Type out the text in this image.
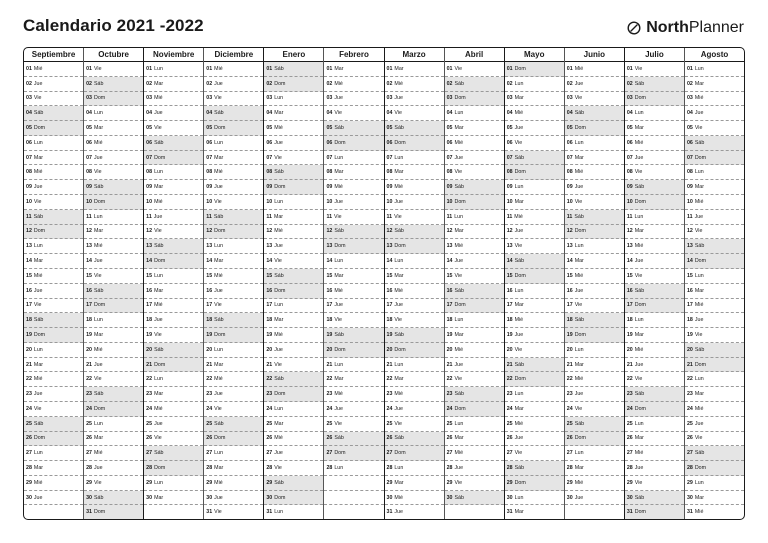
Calendario 2021 -2022	North Planner
Septiembre
01 Mié
02 Jue
03 Vie
04 Sáb
05 Dom
06 Lun
07 Mar
08 Mié
09 Jue
10 Vie
11 Sáb
12 Dom
13 Lun
14 Mar
15 Mié
16 Jue
17 Vie
18 Sáb
19 Dom
20 Lun
21 Mar
22 Mié
23 Jue
24 Vie
25 Sáb
26 Dom
27 Lun
28 Mar
29 Mié
30 Jue
Octubre
01 Vie
02 Sáb
03 Dom
04 Lun
05 Mar
06 Mié
07 Jue
08 Vie
09 Sáb
10 Dom
11 Lun
12 Mar
13 Mié
14 Jue
15 Vie
16 Sáb
17 Dom
18 Lun
19 Mar
20 Mié
21 Jue
22 Vie
23 Sáb
24 Dom
25 Lun
26 Mar
27 Mié
28 Jue
29 Vie
30 Sáb
31 Dom
Noviembre
01 Lun
02 Mar
03 Mié
04 Jue
05 Vie
06 Sáb
07 Dom
08 Lun
09 Mar
10 Mié
11 Jue
12 Vie
13 Sáb
14 Dom
15 Lun
16 Mar
17 Mié
18 Jue
19 Vie
20 Sáb
21 Dom
22 Lun
23 Mar
24 Mié
25 Jue
26 Vie
27 Sáb
28 Dom
29 Lun
30 Mar
Diciembre
01 Mié
02 Jue
03 Vie
04 Sáb
05 Dom
06 Lun
07 Mar
08 Mié
09 Jue
10 Vie
11 Sáb
12 Dom
13 Lun
14 Mar
15 Mié
16 Jue
17 Vie
18 Sáb
19 Dom
20 Lun
21 Mar
22 Mié
23 Jue
24 Vie
25 Sáb
26 Dom
27 Lun
28 Mar
29 Mié
30 Jue
31 Vie
Enero
01 Sáb
02 Dom
03 Lun
04 Mar
05 Mié
06 Jue
07 Vie
08 Sáb
09 Dom
10 Lun
11 Mar
12 Mié
13 Jue
14 Vie
15 Sáb
16 Dom
17 Lun
18 Mar
19 Mié
20 Jue
21 Vie
22 Sáb
23 Dom
24 Lun
25 Mar
26 Mié
27 Jue
28 Vie
29 Sáb
30 Dom
31 Lun
Febrero
01 Mar
02 Mié
03 Jue
04 Vie
05 Sáb
06 Dom
07 Lun
08 Mar
09 Mié
10 Jue
11 Vie
12 Sáb
13 Dom
14 Lun
15 Mar
16 Mié
17 Jue
18 Vie
19 Sáb
20 Dom
21 Lun
22 Mar
23 Mié
24 Jue
25 Vie
26 Sáb
27 Dom
28 Lun
Marzo
01 Mar
02 Mié
03 Jue
04 Vie
05 Sáb
06 Dom
07 Lun
08 Mar
09 Mié
10 Jue
11 Vie
12 Sáb
13 Dom
14 Lun
15 Mar
16 Mié
17 Jue
18 Vie
19 Sáb
20 Dom
21 Lun
22 Mar
23 Mié
24 Jue
25 Vie
26 Sáb
27 Dom
28 Lun
29 Mar
30 Mié
31 Jue
Abril
01 Vie
02 Sáb
03 Dom
04 Lun
05 Mar
06 Mié
07 Jue
08 Vie
09 Sáb
10 Dom
11 Lun
12 Mar
13 Mié
14 Jue
15 Vie
16 Sáb
17 Dom
18 Lun
19 Mar
20 Mié
21 Jue
22 Vie
23 Sáb
24 Dom
25 Lun
26 Mar
27 Mié
28 Jue
29 Vie
30 Sáb
Mayo
01 Dom
02 Lun
03 Mar
04 Mié
05 Jue
06 Vie
07 Sáb
08 Dom
09 Lun
10 Mar
11 Mié
12 Jue
13 Vie
14 Sáb
15 Dom
16 Lun
17 Mar
18 Mié
19 Jue
20 Vie
21 Sáb
22 Dom
23 Lun
24 Mar
25 Mié
26 Jue
27 Vie
28 Sáb
29 Dom
30 Lun
31 Mar
Junio
01 Mié
02 Jue
03 Vie
04 Sáb
05 Dom
06 Lun
07 Mar
08 Mié
09 Jue
10 Vie
11 Sáb
12 Dom
13 Lun
14 Mar
15 Mié
16 Jue
17 Vie
18 Sáb
19 Dom
20 Lun
21 Mar
22 Mié
23 Jue
24 Vie
25 Sáb
26 Dom
27 Lun
28 Mar
29 Mié
30 Jue
Julio
01 Vie
02 Sáb
03 Dom
04 Lun
05 Mar
06 Mié
07 Jue
08 Vie
09 Sáb
10 Dom
11 Lun
12 Mar
13 Mié
14 Jue
15 Vie
16 Sáb
17 Dom
18 Lun
19 Mar
20 Mié
21 Jue
22 Vie
23 Sáb
24 Dom
25 Lun
26 Mar
27 Mié
28 Jue
29 Vie
30 Sáb
31 Dom
Agosto
01 Lun
02 Mar
03 Mié
04 Jue
05 Vie
06 Sáb
07 Dom
08 Lun
09 Mar
10 Mié
11 Jue
12 Vie
13 Sáb
14 Dom
15 Lun
16 Mar
17 Mié
18 Jue
19 Vie
20 Sáb
21 Dom
22 Lun
23 Mar
24 Mié
25 Jue
26 Vie
27 Sáb
28 Dom
29 Lun
30 Mar
31 Mié
